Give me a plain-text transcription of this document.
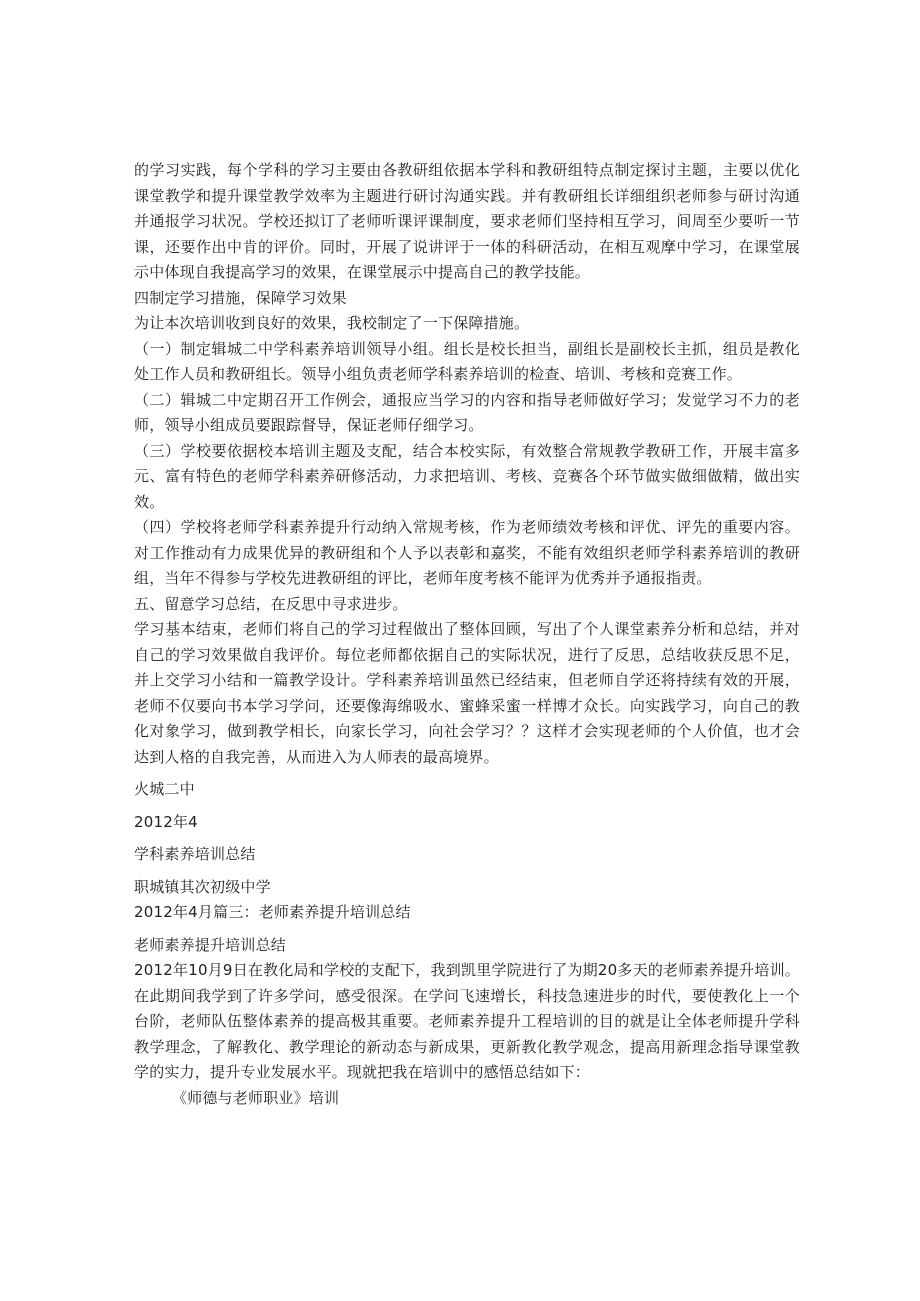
的学习实践，每个学科的学习主要由各教研组依据本学科和教研组特点制定探讨主题，主要以优化课堂教学和提升课堂教学效率为主题进行研讨沟通实践。并有教研组长详细组织老师参与研讨沟通并通报学习状况。学校还拟订了老师听课评课制度，要求老师们坚持相互学习，间周至少要听一节课，还要作出中肯的评价。同时，开展了说讲评于一体的科研活动，在相互观摩中学习，在课堂展示中体现自我提高学习的效果，在课堂展示中提高自己的教学技能。

四制定学习措施，保障学习效果

为让本次培训收到良好的效果，我校制定了一下保障措施。

（一）制定辑城二中学科素养培训领导小组。组长是校长担当，副组长是副校长主抓，组员是教化处工作人员和教研组长。领导小组负责老师学科素养培训的检查、培训、考核和竞赛工作。

（二）辑城二中定期召开工作例会，通报应当学习的内容和指导老师做好学习；发觉学习不力的老师，领导小组成员要跟踪督导，保证老师仔细学习。

（三）学校要依据校本培训主题及支配，结合本校实际，有效整合常规教学教研工作，开展丰富多元、富有特色的老师学科素养研修活动，力求把培训、考核、竞赛各个环节做实做细做精，做出实效。

（四）学校将老师学科素养提升行动纳入常规考核，作为老师绩效考核和评优、评先的重要内容。对工作推动有力成果优异的教研组和个人予以表彰和嘉奖，不能有效组织老师学科素养培训的教研组，当年不得参与学校先进教研组的评比，老师年度考核不能评为优秀并予通报指责。

五、留意学习总结，在反思中寻求进步。

学习基本结束，老师们将自己的学习过程做出了整体回顾，写出了个人课堂素养分析和总结，并对自己的学习效果做自我评价。每位老师都依据自己的实际状况，进行了反思，总结收获反思不足，并上交学习小结和一篇教学设计。学科素养培训虽然已经结束，但老师自学还将持续有效的开展，老师不仅要向书本学习学问，还要像海绵吸水、蜜蜂采蜜一样博才众长。向实践学习，向自己的教化对象学习，做到教学相长，向家长学习，向社会学习？？这样才会实现老师的个人价值，也才会达到人格的自我完善，从而进入为人师表的最高境界。

火城二中

2012年4

学科素养培训总结

职城镇其次初级中学

2012年4月篇三：老师素养提升培训总结

老师素养提升培训总结

2012年10月9日在教化局和学校的支配下，我到凯里学院进行了为期20多天的老师素养提升培训。在此期间我学到了许多学问，感受很深。在学问飞速增长，科技急速进步的时代，要使教化上一个台阶，老师队伍整体素养的提高极其重要。老师素养提升工程培训的目的就是让全体老师提升学科教学理念，了解教化、教学理论的新动态与新成果，更新教化教学观念，提高用新理念指导课堂教学的实力，提升专业发展水平。现就把我在培训中的感悟总结如下：

《师德与老师职业》培训
